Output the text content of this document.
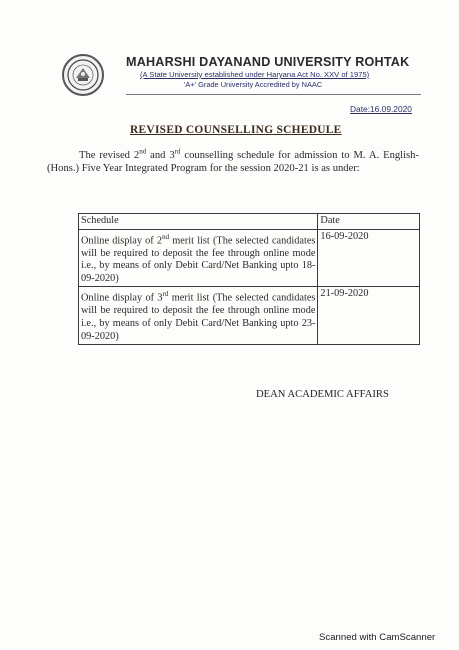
MAHARSHI DAYANAND UNIVERSITY ROHTAK
(A State University established under Haryana Act No. XXV of 1975)
'A+' Grade University Accredited by NAAC
Date:16.09.2020
REVISED COUNSELLING SCHEDULE
The revised 2nd and 3rd counselling schedule for admission to M. A. English-(Hons.) Five Year Integrated Program for the session 2020-21 is as under:
Schedule	Date
Online display of 2nd merit list (The selected candidates will be required to deposit the fee through online mode i.e., by means of only Debit Card/Net Banking upto 18-09-2020)	16-09-2020
Online display of 3rd merit list (The selected candidates will be required to deposit the fee through online mode i.e., by means of only Debit Card/Net Banking upto 23-09-2020)	21-09-2020
DEAN ACADEMIC AFFAIRS
Scanned with CamScanner
